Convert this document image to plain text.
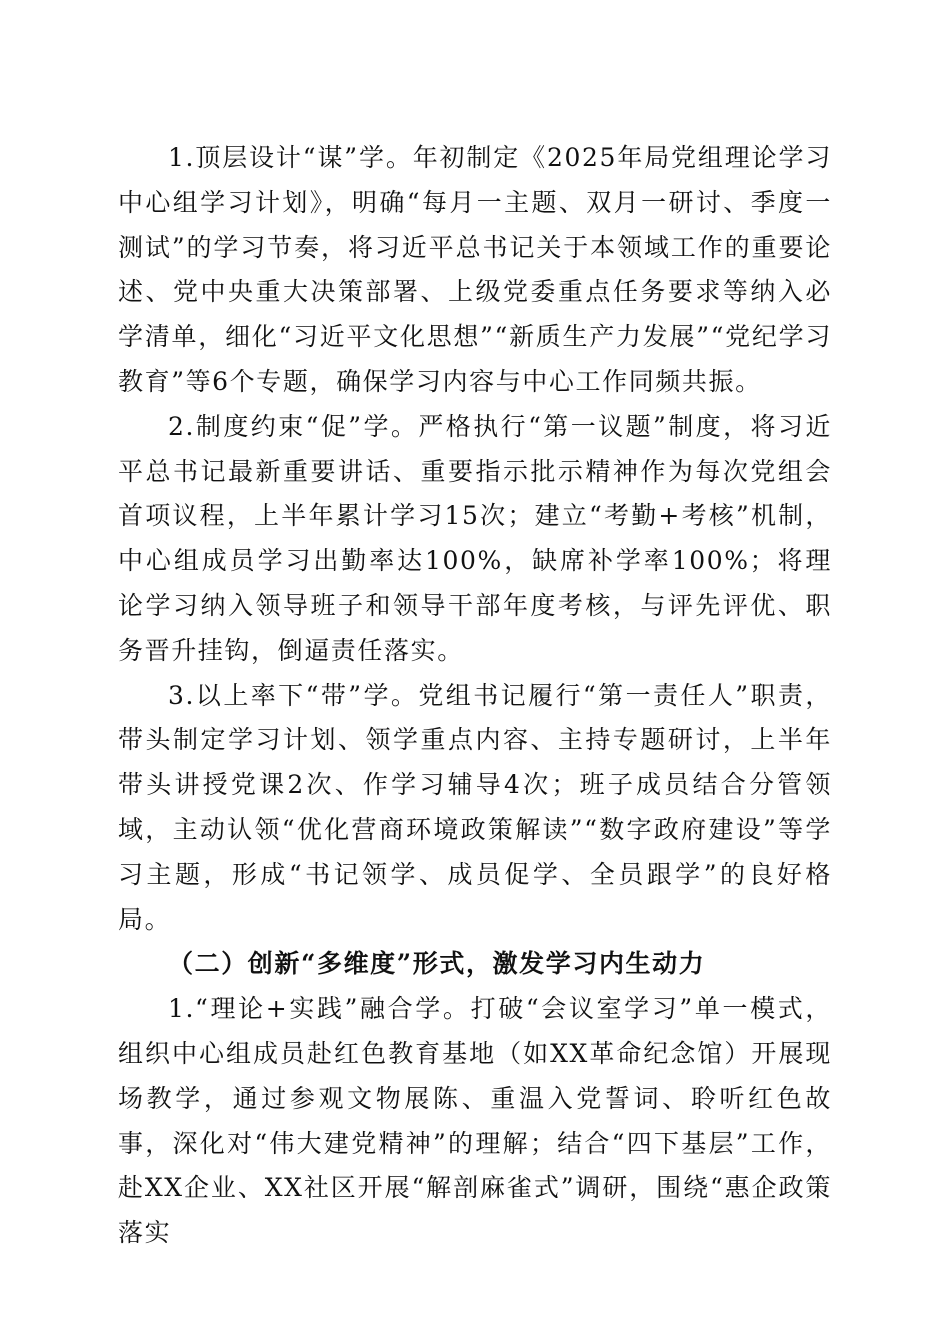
1.顶层设计“谋”学。年初制定《2025年局党组理论学习中心组学习计划》，明确“每月一主题、双月一研讨、季度一测试”的学习节奏，将习近平总书记关于本领域工作的重要论述、党中央重大决策部署、上级党委重点任务要求等纳入必学清单，细化“习近平文化思想”“新质生产力发展”“党纪学习教育”等6个专题，确保学习内容与中心工作同频共振。

2.制度约束“促”学。严格执行“第一议题”制度，将习近平总书记最新重要讲话、重要指示批示精神作为每次党组会首项议程，上半年累计学习15次；建立“考勤+考核”机制，中心组成员学习出勤率达100%，缺席补学率100%；将理论学习纳入领导班子和领导干部年度考核，与评先评优、职务晋升挂钩，倒逼责任落实。

3.以上率下“带”学。党组书记履行“第一责任人”职责，带头制定学习计划、领学重点内容、主持专题研讨，上半年带头讲授党课2次、作学习辅导4次；班子成员结合分管领域，主动认领“优化营商环境政策解读”“数字政府建设”等学习主题，形成“书记领学、成员促学、全员跟学”的良好格局。

（二）创新“多维度”形式，激发学习内生动力

1.“理论+实践”融合学。打破“会议室学习”单一模式，组织中心组成员赴红色教育基地（如XX革命纪念馆）开展现场教学，通过参观文物展陈、重温入党誓词、聆听红色故事，深化对“伟大建党精神”的理解；结合“四下基层”工作，赴XX企业、XX社区开展“解剖麻雀式”调研，围绕“惠企政策落实
